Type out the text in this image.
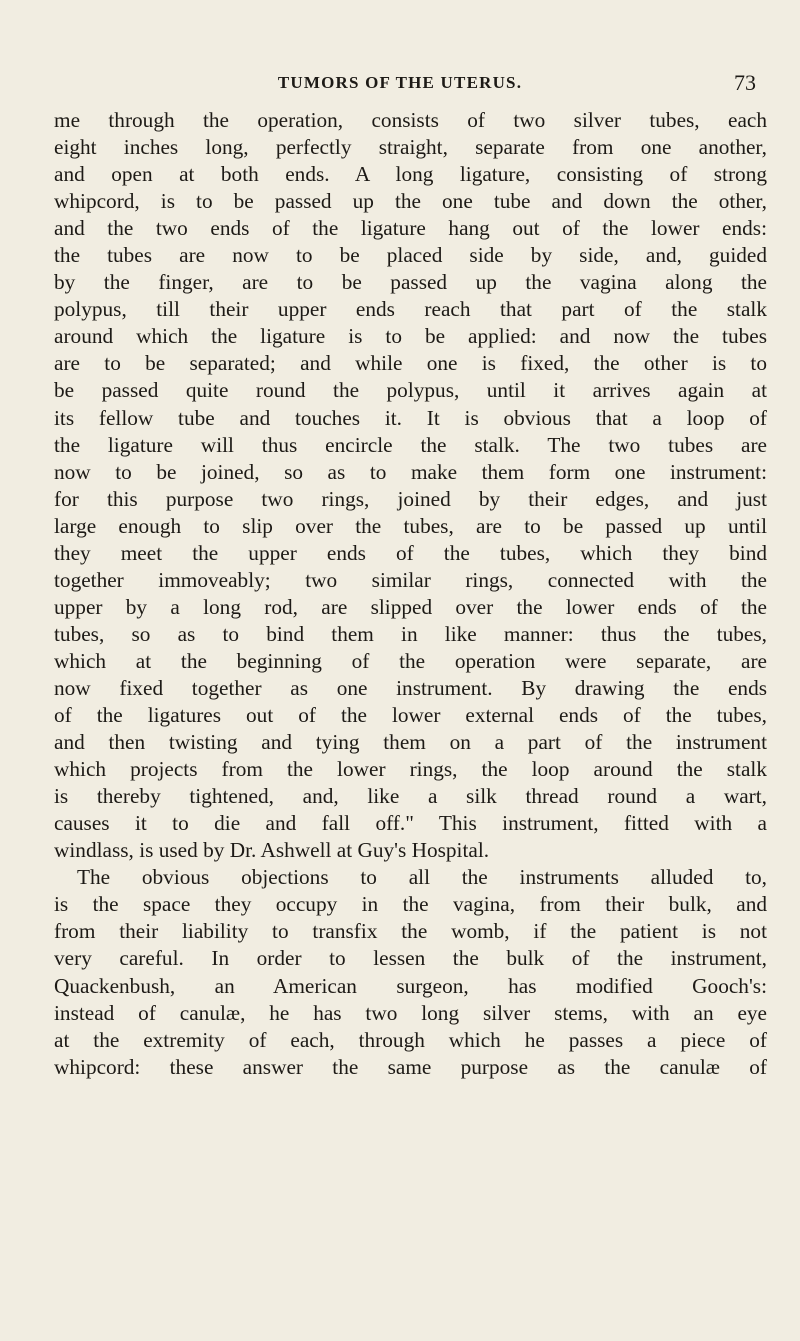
TUMORS OF THE UTERUS.	73
me through the operation, consists of two silver tubes, each
eight inches long, perfectly straight, separate from one another,
and open at both ends. A long ligature, consisting of strong
whipcord, is to be passed up the one tube and down the other,
and the two ends of the ligature hang out of the lower ends:
the tubes are now to be placed side by side, and, guided
by the finger, are to be passed up the vagina along the
polypus, till their upper ends reach that part of the stalk
around which the ligature is to be applied: and now the tubes
are to be separated; and while one is fixed, the other is to
be passed quite round the polypus, until it arrives again at
its fellow tube and touches it. It is obvious that a loop of
the ligature will thus encircle the stalk. The two tubes are
now to be joined, so as to make them form one instrument:
for this purpose two rings, joined by their edges, and just
large enough to slip over the tubes, are to be passed up until
they meet the upper ends of the tubes, which they bind
together immoveably; two similar rings, connected with the
upper by a long rod, are slipped over the lower ends of the
tubes, so as to bind them in like manner: thus the tubes,
which at the beginning of the operation were separate, are
now fixed together as one instrument. By drawing the ends
of the ligatures out of the lower external ends of the tubes,
and then twisting and tying them on a part of the instrument
which projects from the lower rings, the loop around the stalk
is thereby tightened, and, like a silk thread round a wart,
causes it to die and fall off." This instrument, fitted with a
windlass, is used by Dr. Ashwell at Guy's Hospital.
The obvious objections to all the instruments alluded to,
is the space they occupy in the vagina, from their bulk, and
from their liability to transfix the womb, if the patient is not
very careful. In order to lessen the bulk of the instrument,
Quackenbush, an American surgeon, has modified Gooch's:
instead of canulæ, he has two long silver stems, with an eye
at the extremity of each, through which he passes a piece of
whipcord: these answer the same purpose as the canulæ of
